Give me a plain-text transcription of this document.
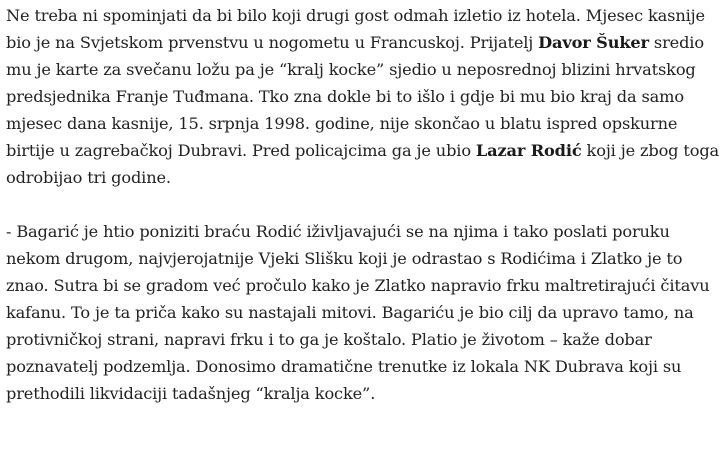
Ne treba ni spominjati da bi bilo koji drugi gost odmah izletio iz hotela. Mjesec kasnije
bio je na Svjetskom prvenstvu u nogometu u Francuskoj. Prijatelj Davor Šuker sredio
mu je karte za svečanu ložu pa je “kralj kocke” sjedio u neposrednoj blizini hrvatskog
predsjednika Franje Tuđmana. Tko zna dokle bi to išlo i gdje bi mu bio kraj da samo
mjesec dana kasnije, 15. srpnja 1998. godine, nije skončao u blatu ispred opskurne
birtije u zagrebačkoj Dubravi. Pred policajcima ga je ubio Lazar Rodić koji je zbog toga
odrobijao tri godine.

- Bagarić je htio poniziti braću Rodić iživljavajući se na njima i tako poslati poruku
nekom drugom, najvjerojatnije Vjeki Slišku koji je odrastao s Rodićima i Zlatko je to
znao. Sutra bi se gradom već pročulo kako je Zlatko napravio frku maltretirajući čitavu
kafanu. To je ta priča kako su nastajali mitovi. Bagariću je bio cilj da upravo tamo, na
protivničkoj strani, napravi frku i to ga je koštalo. Platio je životom – kaže dobar
poznavatelj podzemlja. Donosimo dramatične trenutke iz lokala NK Dubrava koji su
prethodili likvidaciji tadašnjeg “kralja kocke”.
